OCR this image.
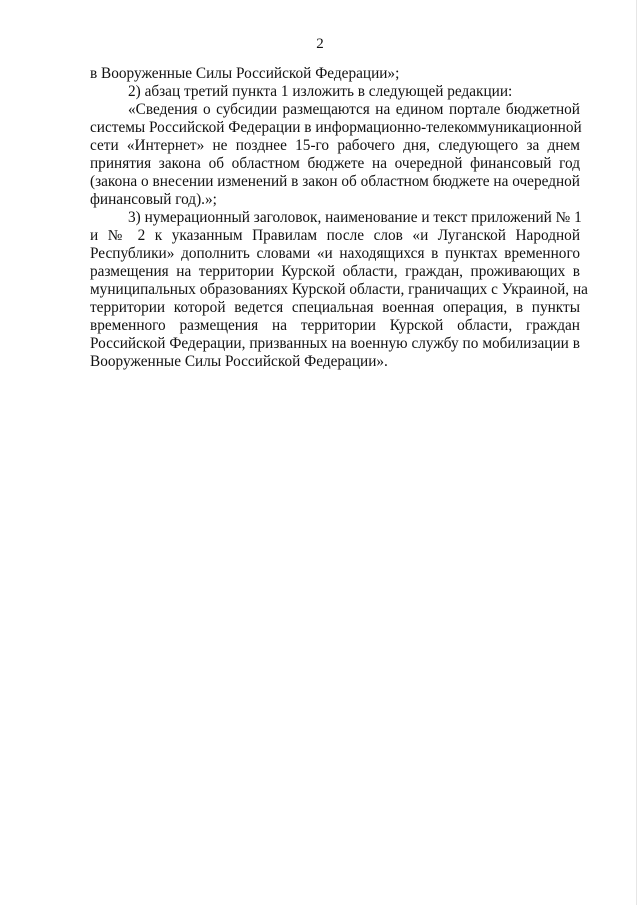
2
в Вооруженные Силы Российской Федерации»;
2) абзац третий пункта 1 изложить в следующей редакции:
«Сведения о субсидии размещаются на едином портале бюджетной
системы Российской Федерации в информационно-телекоммуникационной
сети «Интернет» не позднее 15-го рабочего дня, следующего за днем
принятия закона об областном бюджете на очередной финансовый год
(закона о внесении изменений в закон об областном бюджете на очередной
финансовый год).»;
3) нумерационный заголовок, наименование и текст приложений № 1
и № 2 к указанным Правилам после слов «и Луганской Народной
Республики» дополнить словами «и находящихся в пунктах временного
размещения на территории Курской области, граждан, проживающих в
муниципальных образованиях Курской области, граничащих с Украиной, на
территории которой ведется специальная военная операция, в пункты
временного размещения на территории Курской области, граждан
Российской Федерации, призванных на военную службу по мобилизации в
Вооруженные Силы Российской Федерации».
